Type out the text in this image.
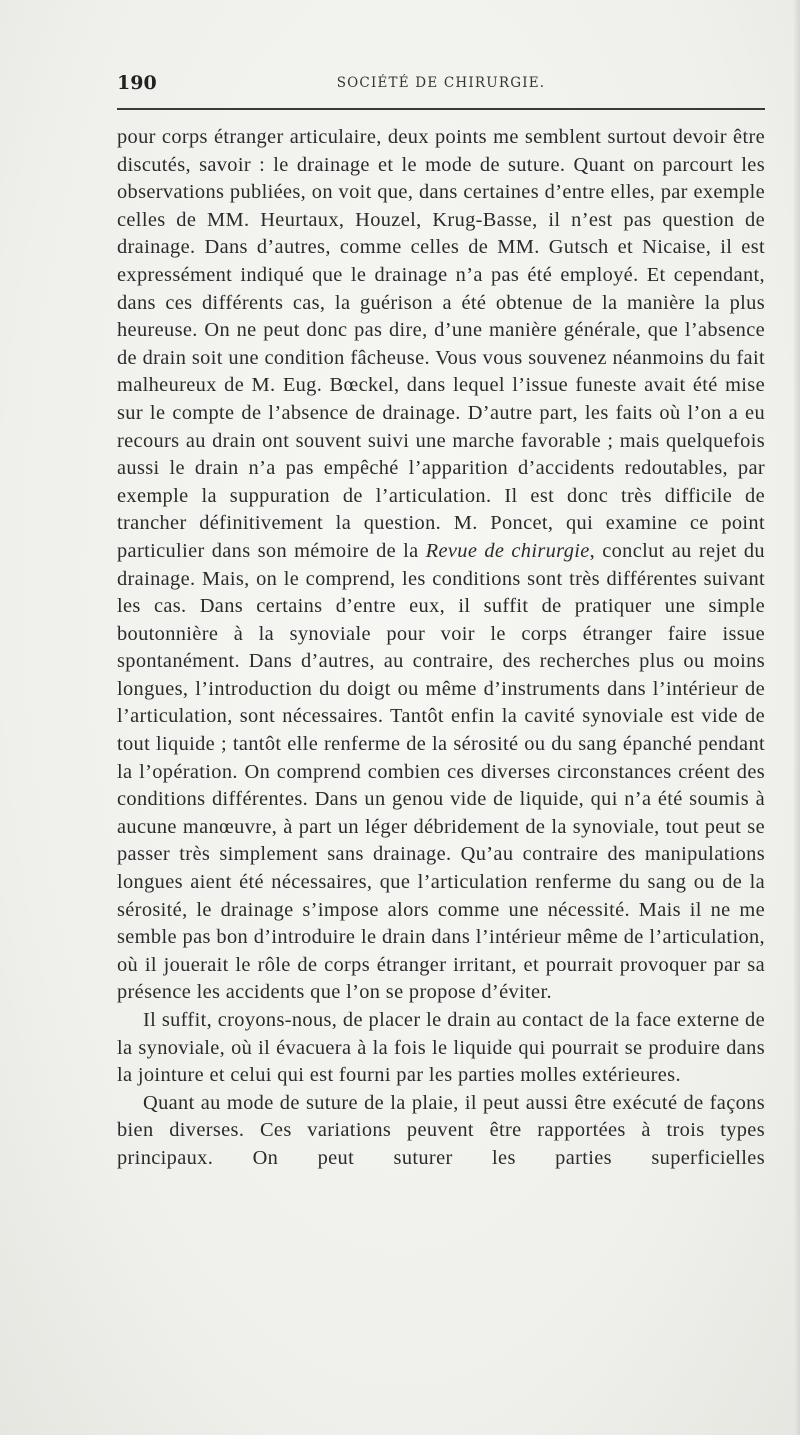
190	SOCIÉTÉ DE CHIRURGIE.

pour corps étranger articulaire, deux points me semblent surtout devoir être discutés, savoir : le drainage et le mode de suture. Quant on parcourt les observations publiées, on voit que, dans certaines d’entre elles, par exemple celles de MM. Heurtaux, Houzel, Krug-Basse, il n’est pas question de drainage. Dans d’autres, comme celles de MM. Gutsch et Nicaise, il est expressément indiqué que le drainage n’a pas été employé. Et cependant, dans ces différents cas, la guérison a été obtenue de la manière la plus heureuse. On ne peut donc pas dire, d’une manière générale, que l’absence de drain soit une condition fâcheuse. Vous vous souvenez néanmoins du fait malheureux de M. Eug. Bœckel, dans lequel l’issue funeste avait été mise sur le compte de l’absence de drainage. D’autre part, les faits où l’on a eu recours au drain ont souvent suivi une marche favorable ; mais quelquefois aussi le drain n’a pas empêché l’apparition d’accidents redoutables, par exemple la suppuration de l’articulation. Il est donc très difficile de trancher définitivement la question. M. Poncet, qui examine ce point particulier dans son mémoire de la Revue de chirurgie, conclut au rejet du drainage. Mais, on le comprend, les conditions sont très différentes suivant les cas. Dans certains d’entre eux, il suffit de pratiquer une simple boutonnière à la synoviale pour voir le corps étranger faire issue spontanément. Dans d’autres, au contraire, des recherches plus ou moins longues, l’introduction du doigt ou même d’instruments dans l’intérieur de l’articulation, sont nécessaires. Tantôt enfin la cavité synoviale est vide de tout liquide ; tantôt elle renferme de la sérosité ou du sang épanché pendant la l’opération. On comprend combien ces diverses circonstances créent des conditions différentes. Dans un genou vide de liquide, qui n’a été soumis à aucune manœuvre, à part un léger débridement de la synoviale, tout peut se passer très simplement sans drainage. Qu’au contraire des manipulations longues aient été nécessaires, que l’articulation renferme du sang ou de la sérosité, le drainage s’impose alors comme une nécessité. Mais il ne me semble pas bon d’introduire le drain dans l’intérieur même de l’articulation, où il jouerait le rôle de corps étranger irritant, et pourrait provoquer par sa présence les accidents que l’on se propose d’éviter.

Il suffit, croyons-nous, de placer le drain au contact de la face externe de la synoviale, où il évacuera à la fois le liquide qui pourrait se produire dans la jointure et celui qui est fourni par les parties molles extérieures.

Quant au mode de suture de la plaie, il peut aussi être exécuté de façons bien diverses. Ces variations peuvent être rapportées à trois types principaux. On peut suturer les parties superficielles
